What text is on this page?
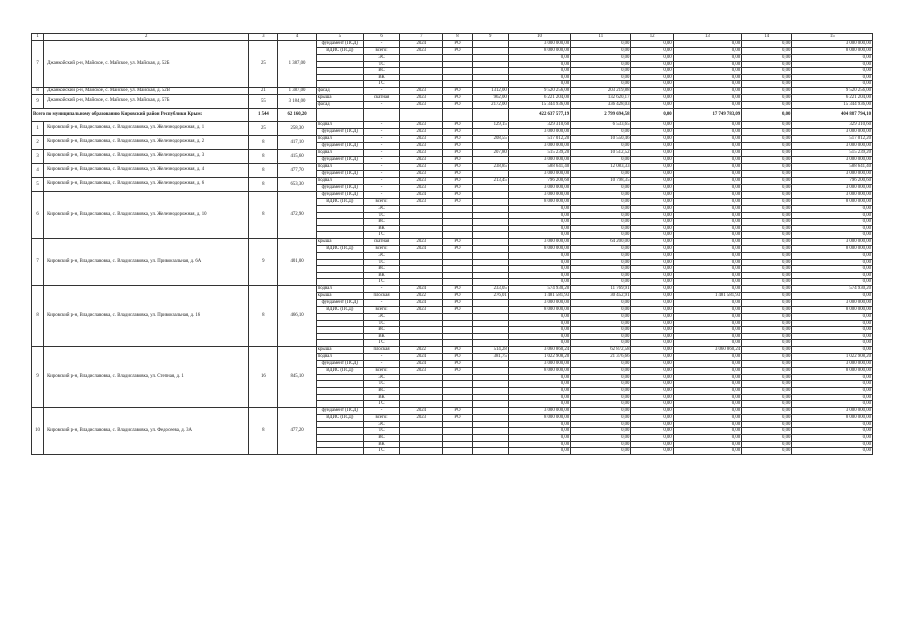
1	2	3	4	5	6	7	8	9	10	11	12	13	14	15
7	Джанкойский р-н, Майское, с. Майское, ул. Майская, д. 52Б	25	1 387,00	фундамент (ПСД)	-	2024	РО		3 000 000,00	0,00	0,00	0,00	0,00	3 000 000,00
				ВДИС (ПСД)	всего:	2023	РО		8 000 000,00	0,00	0,00	0,00	0,00	8 000 000,00
					ЭС				0,00	0,00	0,00	0,00	0,00	0,00
					ТС				0,00	0,00	0,00	0,00	0,00	0,00
					ВС				0,00	0,00	0,00	0,00	0,00	0,00
					ВК				0,00	0,00	0,00	0,00	0,00	0,00
					ГС				0,00	0,00	0,00	0,00	0,00	0,00
8	Джанкойский р-н, Майское, с. Майское, ул. Майская, д. 52В	21	1 387,00	фасад	-	2023	РО	1312,00	9 520 256,00	203 219,88	0,00	0,00	0,00	9 520 256,00
9	Джанкойский р-н, Майское, с. Майское, ул. Майская, д. 57Б	55	3 184,00	крыша	скатная	2023	РО	962,00	6 221 204,00	132 620,17	0,00	0,00	0,00	6 221 204,00
				фасад	-	2023	РО	2172,00	15 344 936,00	336 428,03	0,00	0,00	0,00	15 344 936,00
Всего по муниципальному образованию Кировский район Республики Крым:		1 544	62 160,20						422 637 577,19	2 799 694,58	0,00	17 749 783,09	0,00	404 887 794,10
1	Кировский р-н, Владиславовка, с. Владиславовка, ул. Железнодорожная, д. 1	25	258,30	подвал	-	2023	РО	129,15	329 310,60	6 533,65	0,00	0,00	0,00	329 310,60
				фундамент (ПСД)	-	2023	РО		3 000 000,00	0,00	0,00	0,00	0,00	3 000 000,00
2	Кировский р-н, Владиславовка, с. Владиславовка, ул. Железнодорожная, д. 2	8	417,10	подвал	-	2023	РО	208,55	517 012,20	10 550,46	0,00	0,00	0,00	517 012,20
				фундамент (ПСД)	-	2023	РО		3 000 000,00	0,00	0,00	0,00	0,00	3 000 000,00
3	Кировский р-н, Владиславовка, с. Владиславовка, ул. Железнодорожная, д. 3	8	415,60	подвал	-	2023	РО	207,80	515 239,20	10 512,52	0,00	0,00	0,00	515 239,20
				фундамент (ПСД)	-	2023	РО		3 000 000,00	0,00	0,00	0,00	0,00	3 000 000,00
4	Кировский р-н, Владиславовка, с. Владиславовка, ул. Железнодорожная, д. 4	8	477,70	подвал	-	2023	РО	238,85	588 641,40	12 083,33	0,00	0,00	0,00	588 641,40
				фундамент (ПСД)	-	2023	РО		3 000 000,00	0,00	0,00	0,00	0,00	3 000 000,00
5	Кировский р-н, Владиславовка, с. Владиславовка, ул. Железнодорожная, д. 6	8	653,30	подвал	-	2023	РО	213,45	796 200,60	10 798,35	0,00	0,00	0,00	796 200,60
				фундамент (ПСД)	-	2023	РО		3 000 000,00	0,00	0,00	0,00	0,00	3 000 000,00
6	Кировский р-н, Владиславовка, с. Владиславовка, ул. Железнодорожная, д. 10	8	472,90	фундамент (ПСД)	-	2024	РО		3 000 000,00	0,00	0,00	0,00	0,00	3 000 000,00
				ВДИС (ПСД)	всего:	2023	РО		8 000 000,00	0,00	0,00	0,00	0,00	8 000 000,00
					ЭС				0,00	0,00	0,00	0,00	0,00	0,00
					ТС				0,00	0,00	0,00	0,00	0,00	0,00
					ВС				0,00	0,00	0,00	0,00	0,00	0,00
					ВК				0,00	0,00	0,00	0,00	0,00	0,00
					ГС				0,00	0,00	0,00	0,00	0,00	0,00
7	Кировский р-н, Владиславовка, с. Владиславовка, ул. Привокзальная, д. 6А	9	401,00	крыша	скатная	2023	РО		3 000 000,00	64 200,00	0,00	0,00	0,00	3 000 000,00
				ВДИС (ПСД)	всего:	2024	РО		8 000 000,00	0,00	0,00	0,00	0,00	8 000 000,00
					ЭС				0,00	0,00	0,00	0,00	0,00	0,00
					ТС				0,00	0,00	0,00	0,00	0,00	0,00
					ВС				0,00	0,00	0,00	0,00	0,00	0,00
					ВК				0,00	0,00	0,00	0,00	0,00	0,00
					ГС				0,00	0,00	0,00	0,00	0,00	0,00
8	Кировский р-н, Владиславовка, с. Владиславовка, ул. Привокзальная, д. 16	8	466,10	подвал	-	2024	РО	233,05	574 930,20	11 769,91	0,00	0,00	0,00	574 930,20
				крыша	плоская	2022	РО	276,01	1 481 581,93	30 452,91	0,00	1 481 581,93	0,00	0,00
				фундамент (ПСД)	-	2024	РО		3 000 000,00	0,00	0,00	0,00	0,00	3 000 000,00
				ВДИС (ПСД)	всего:	2023	РО		8 000 000,00	0,00	0,00	0,00	0,00	8 000 000,00
					ЭС				0,00	0,00	0,00	0,00	0,00	0,00
					ТС				0,00	0,00	0,00	0,00	0,00	0,00
					ВС				0,00	0,00	0,00	0,00	0,00	0,00
					ВК				0,00	0,00	0,00	0,00	0,00	0,00
					ГС				0,00	0,00	0,00	0,00	0,00	0,00
9	Кировский р-н, Владиславовка, с. Владиславовка, ул. Степная, д. 1	16	845,10	крыша	плоская	2022	РО	514,28	3 060 860,24	62 872,58	0,00	3 060 860,24	0,00	0,00
				подвал	-	2024	РО	381,75	1 022 908,20	21 376,66	0,00	0,00	0,00	1 022 908,20
				фундамент (ПСД)	-	2024	РО		3 000 000,00	0,00	0,00	0,00	0,00	3 000 000,00
				ВДИС (ПСД)	всего:	2023	РО		8 000 000,00	0,00	0,00	0,00	0,00	8 000 000,00
					ЭС				0,00	0,00	0,00	0,00	0,00	0,00
					ТС				0,00	0,00	0,00	0,00	0,00	0,00
					ВС				0,00	0,00	0,00	0,00	0,00	0,00
					ВК				0,00	0,00	0,00	0,00	0,00	0,00
					ГС				0,00	0,00	0,00	0,00	0,00	0,00
10	Кировский р-н, Владиславовка, с. Владиславовка, ул. Федосеева, д. 3А	8	477,20	фундамент (ПСД)	-	2024	РО		3 000 000,00	0,00	0,00	0,00	0,00	3 000 000,00
				ВДИС (ПСД)	всего:	2023	РО		8 000 000,00	0,00	0,00	0,00	0,00	8 000 000,00
					ЭС				0,00	0,00	0,00	0,00	0,00	0,00
					ТС				0,00	0,00	0,00	0,00	0,00	0,00
					ВС				0,00	0,00	0,00	0,00	0,00	0,00
					ВК				0,00	0,00	0,00	0,00	0,00	0,00
					ГС				0,00	0,00	0,00	0,00	0,00	0,00
